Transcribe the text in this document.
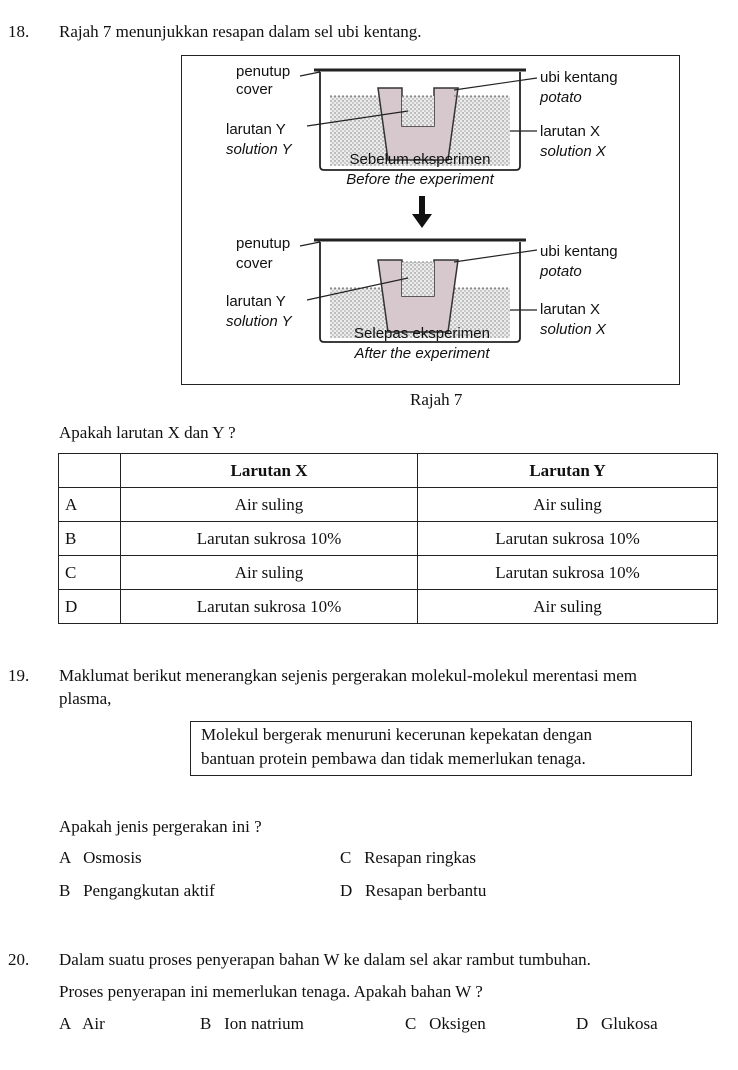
18. Rajah 7 menunjukkan resapan dalam sel ubi kentang.
penutup
cover
ubi kentang
potato
larutan Y
solution Y
larutan X
solution X
Sebelum eksperimen
Before the experiment
penutup
cover
ubi kentang
potato
larutan Y
solution Y
larutan X
solution X
Selepas eksperimen
After the experiment
Rajah 7
Apakah larutan X dan Y ?
	Larutan X	Larutan Y
A	Air suling	Air suling
B	Larutan sukrosa 10%	Larutan sukrosa 10%
C	Air suling	Larutan sukrosa 10%
D	Larutan sukrosa 10%	Air suling
19. Maklumat berikut menerangkan sejenis pergerakan molekul-molekul merentasi mem
plasma,
Molekul bergerak menuruni kecerunan kepekatan dengan
bantuan protein pembawa dan tidak memerlukan tenaga.
Apakah jenis pergerakan ini ?
A   Osmosis	C   Resapan ringkas
B   Pengangkutan aktif	D   Resapan berbantu
20. Dalam suatu proses penyerapan bahan W ke dalam sel akar rambut tumbuhan.
Proses penyerapan ini memerlukan tenaga. Apakah bahan W ?
A   Air	B   Ion natrium	C   Oksigen	D   Glukosa
